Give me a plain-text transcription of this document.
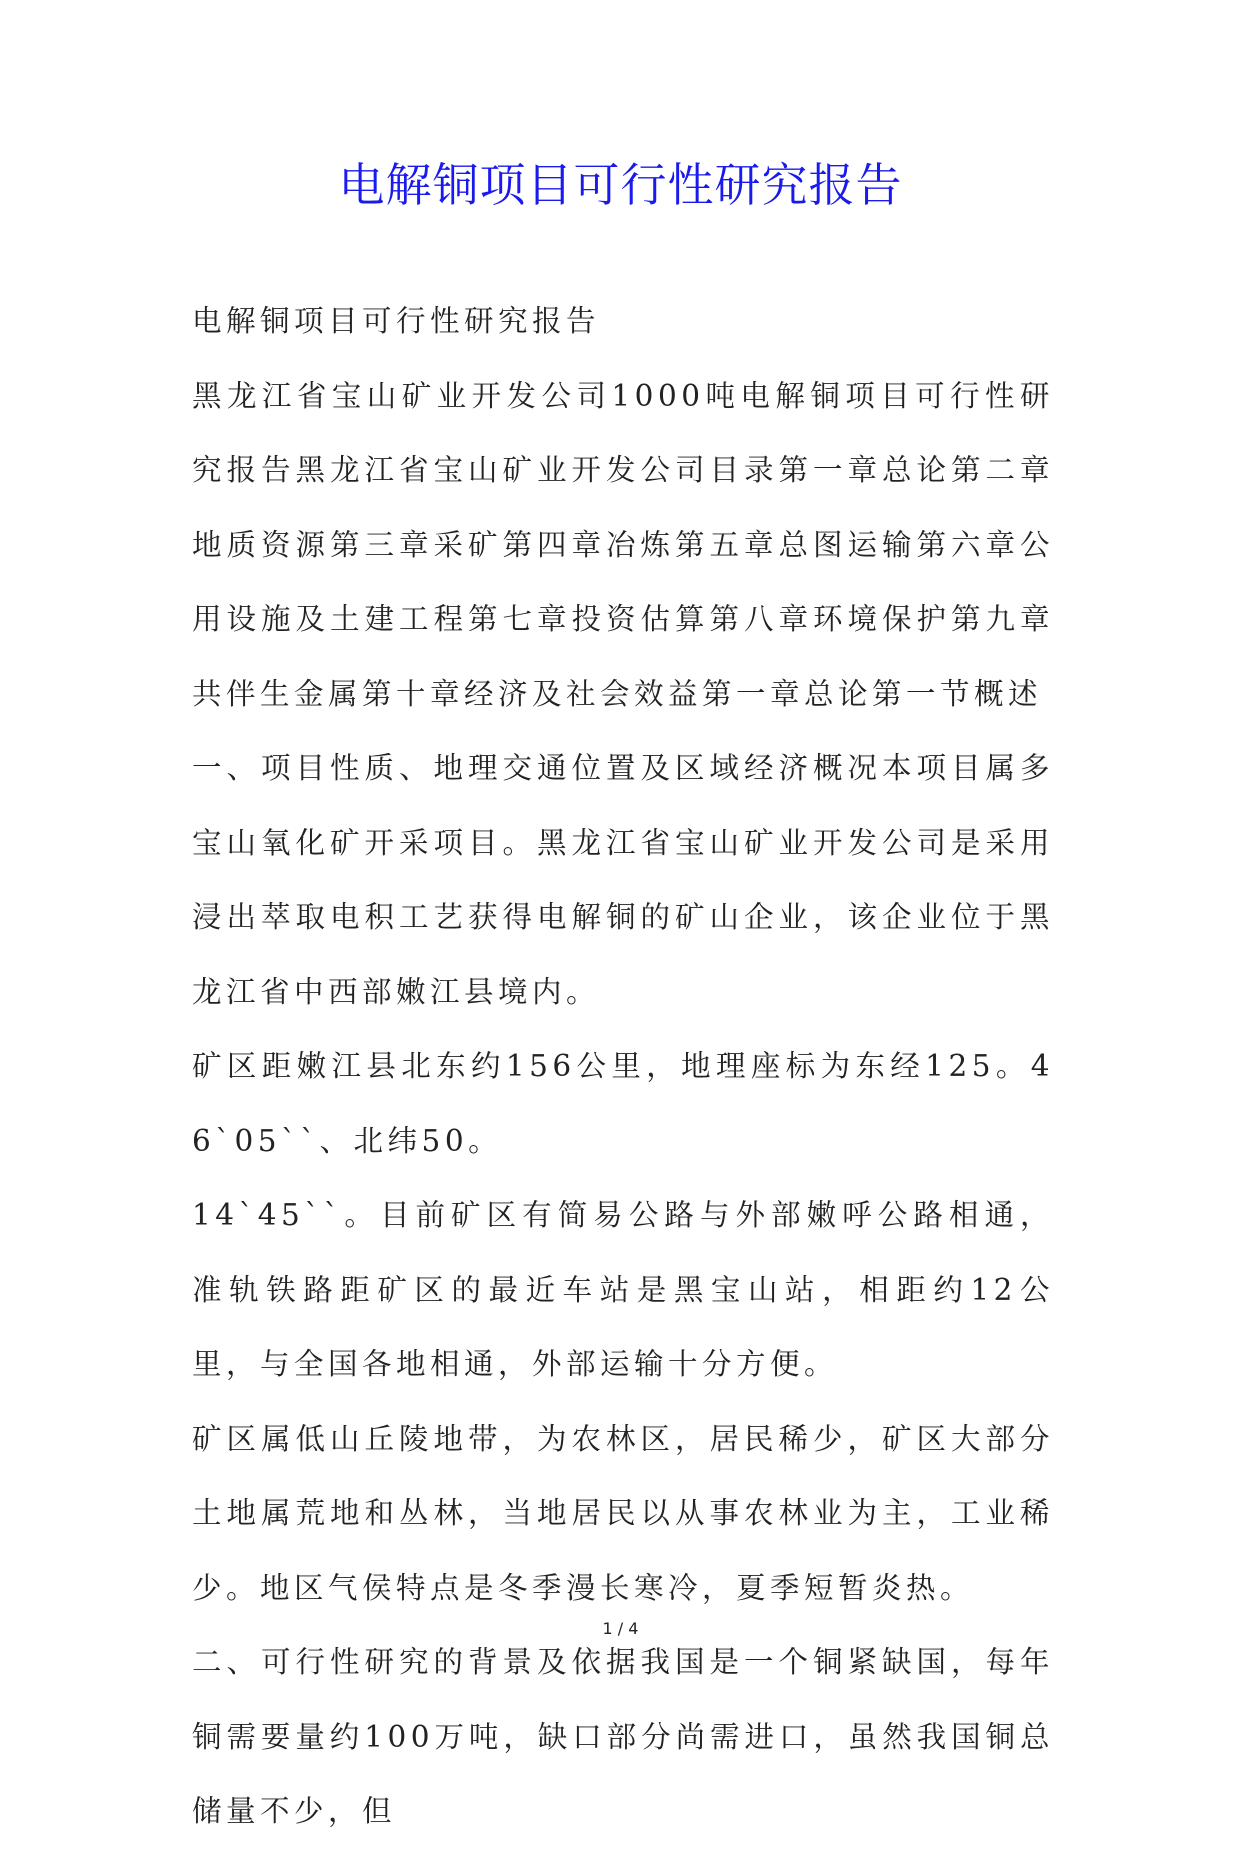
电解铜项目可行性研究报告

电解铜项目可行性研究报告

黑龙江省宝山矿业开发公司1000吨电解铜项目可行性研究报告黑龙江省宝山矿业开发公司目录第一章总论第二章地质资源第三章采矿第四章冶炼第五章总图运输第六章公用设施及土建工程第七章投资估算第八章环境保护第九章共伴生金属第十章经济及社会效益第一章总论第一节概述

一、项目性质、地理交通位置及区域经济概况本项目属多宝山氧化矿开采项目。黑龙江省宝山矿业开发公司是采用浸出萃取电积工艺获得电解铜的矿山企业，该企业位于黑龙江省中西部嫩江县境内。

矿区距嫩江县北东约156公里，地理座标为东经125。46`05``、北纬50。

14`45``。目前矿区有简易公路与外部嫩呼公路相通，准轨铁路距矿区的最近车站是黑宝山站，相距约12公里，与全国各地相通，外部运输十分方便。

矿区属低山丘陵地带，为农林区，居民稀少，矿区大部分土地属荒地和丛林，当地居民以从事农林业为主，工业稀少。地区气侯特点是冬季漫长寒冷，夏季短暂炎热。

二、可行性研究的背景及依据我国是一个铜紧缺国，每年铜需要量约100万吨，缺口部分尚需进口，虽然我国铜总储量不少，但

1 / 4
